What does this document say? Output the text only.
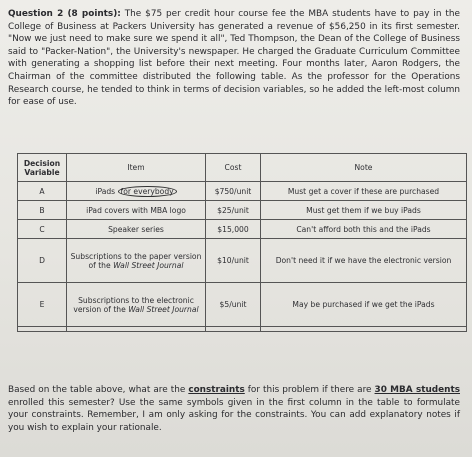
Question 2 (8 points): The $75 per credit hour course fee the MBA students have to pay in the College of Business at Packers University has generated a revenue of $56,250 in its first semester. "Now we just need to make sure we spend it all", Ted Thompson, the Dean of the College of Business said to "Packer-Nation", the University's newspaper. He charged the Graduate Curriculum Committee with generating a shopping list before their next meeting. Four months later, Aaron Rodgers, the Chairman of the committee distributed the following table. As the professor for the Operations Research course, he tended to think in terms of decision variables, so he added the left-most column for ease of use.

Decision Variable	Item	Cost	Note
A	iPads for everybody	$750/unit	Must get a cover if these are purchased
B	iPad covers with MBA logo	$25/unit	Must get them if we buy iPads
C	Speaker series	$15,000	Can't afford both this and the iPads
D	Subscriptions to the paper version of the Wall Street Journal	$10/unit	Don't need it if we have the electronic version
E	Subscriptions to the electronic version of the Wall Street Journal	$5/unit	May be purchased if we get the iPads

Based on the table above, what are the constraints for this problem if there are 30 MBA students enrolled this semester? Use the same symbols given in the first column in the table to formulate your constraints. Remember, I am only asking for the constraints. You can add explanatory notes if you wish to explain your rationale.
